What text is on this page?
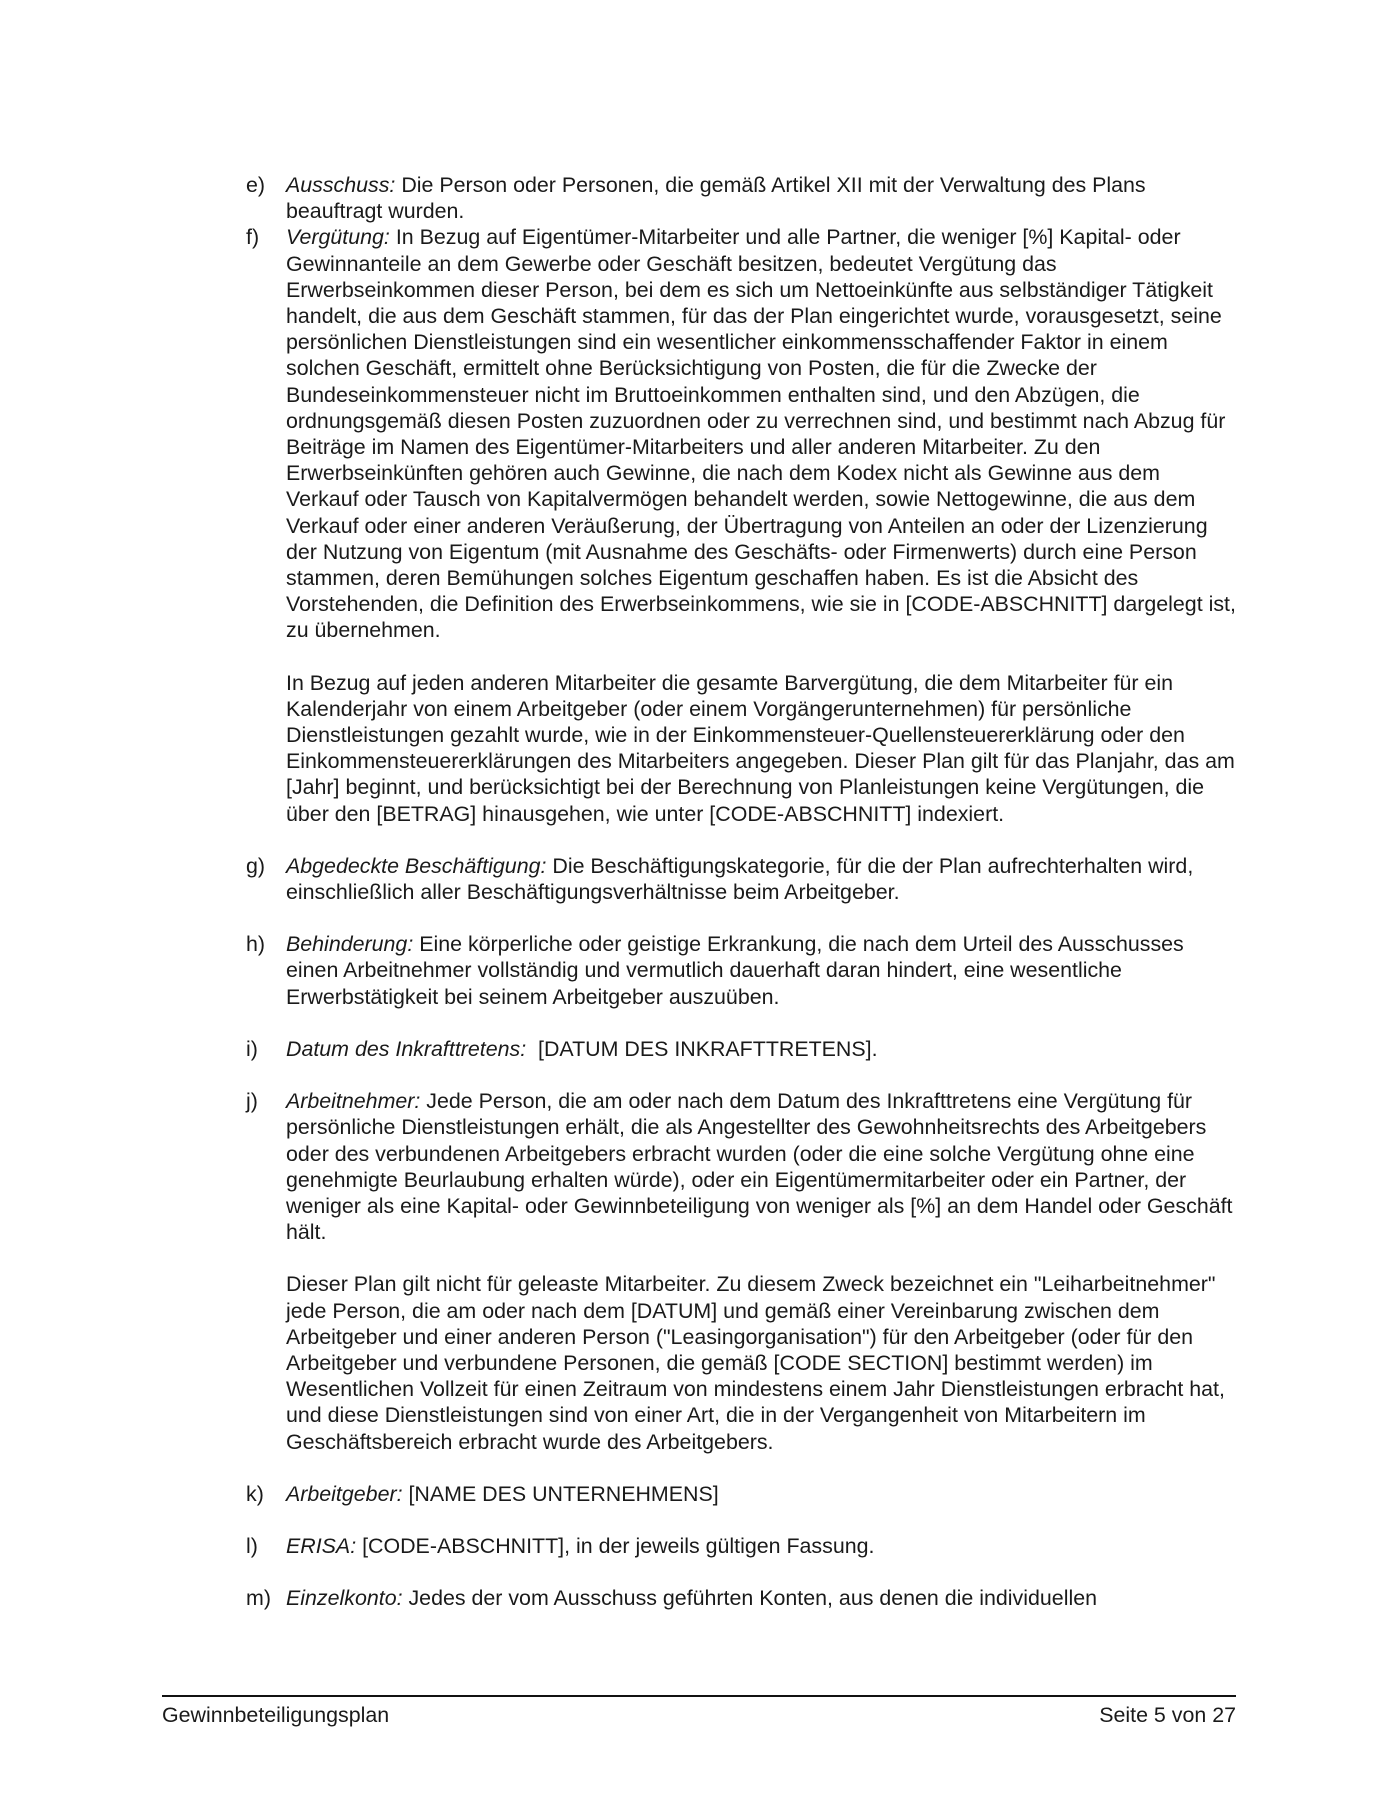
e) Ausschuss: Die Person oder Personen, die gemäß Artikel XII mit der Verwaltung des Plans beauftragt wurden.
f) Vergütung: In Bezug auf Eigentümer-Mitarbeiter und alle Partner, die weniger [%] Kapital- oder Gewinnanteile an dem Gewerbe oder Geschäft besitzen, bedeutet Vergütung das Erwerbseinkommen dieser Person, bei dem es sich um Nettoeinkünfte aus selbständiger Tätigkeit handelt, die aus dem Geschäft stammen, für das der Plan eingerichtet wurde, vorausgesetzt, seine persönlichen Dienstleistungen sind ein wesentlicher einkommensschaffender Faktor in einem solchen Geschäft, ermittelt ohne Berücksichtigung von Posten, die für die Zwecke der Bundeseinkommensteuer nicht im Bruttoeinkommen enthalten sind, und den Abzügen, die ordnungsgemäß diesen Posten zuzuordnen oder zu verrechnen sind, und bestimmt nach Abzug für Beiträge im Namen des Eigentümer-Mitarbeiters und aller anderen Mitarbeiter. Zu den Erwerbseinkünften gehören auch Gewinne, die nach dem Kodex nicht als Gewinne aus dem Verkauf oder Tausch von Kapitalvermögen behandelt werden, sowie Nettogewinne, die aus dem Verkauf oder einer anderen Veräußerung, der Übertragung von Anteilen an oder der Lizenzierung der Nutzung von Eigentum (mit Ausnahme des Geschäfts- oder Firmenwerts) durch eine Person stammen, deren Bemühungen solches Eigentum geschaffen haben. Es ist die Absicht des Vorstehenden, die Definition des Erwerbseinkommens, wie sie in [CODE-ABSCHNITT] dargelegt ist, zu übernehmen.

In Bezug auf jeden anderen Mitarbeiter die gesamte Barvergütung, die dem Mitarbeiter für ein Kalenderjahr von einem Arbeitgeber (oder einem Vorgängerunternehmen) für persönliche Dienstleistungen gezahlt wurde, wie in der Einkommensteuer-Quellensteuererklärung oder den Einkommensteuererklärungen des Mitarbeiters angegeben. Dieser Plan gilt für das Planjahr, das am [Jahr] beginnt, und berücksichtigt bei der Berechnung von Planleistungen keine Vergütungen, die über den [BETRAG] hinausgehen, wie unter [CODE-ABSCHNITT] indexiert.

g) Abgedeckte Beschäftigung: Die Beschäftigungskategorie, für die der Plan aufrechterhalten wird, einschließlich aller Beschäftigungsverhältnisse beim Arbeitgeber.
h) Behinderung: Eine körperliche oder geistige Erkrankung, die nach dem Urteil des Ausschusses einen Arbeitnehmer vollständig und vermutlich dauerhaft daran hindert, eine wesentliche Erwerbstätigkeit bei seinem Arbeitgeber auszuüben.
i) Datum des Inkrafttretens:  [DATUM DES INKRAFTTRETENS].
j) Arbeitnehmer: Jede Person, die am oder nach dem Datum des Inkrafttretens eine Vergütung für persönliche Dienstleistungen erhält, die als Angestellter des Gewohnheitsrechts des Arbeitgebers oder des verbundenen Arbeitgebers erbracht wurden (oder die eine solche Vergütung ohne eine genehmigte Beurlaubung erhalten würde), oder ein Eigentümermitarbeiter oder ein Partner, der weniger als eine Kapital- oder Gewinnbeteiligung von weniger als [%] an dem Handel oder Geschäft hält.

Dieser Plan gilt nicht für geleaste Mitarbeiter. Zu diesem Zweck bezeichnet ein "Leiharbeitnehmer" jede Person, die am oder nach dem [DATUM] und gemäß einer Vereinbarung zwischen dem Arbeitgeber und einer anderen Person ("Leasingorganisation") für den Arbeitgeber (oder für den Arbeitgeber und verbundene Personen, die gemäß [CODE SECTION] bestimmt werden) im Wesentlichen Vollzeit für einen Zeitraum von mindestens einem Jahr Dienstleistungen erbracht hat, und diese Dienstleistungen sind von einer Art, die in der Vergangenheit von Mitarbeitern im Geschäftsbereich erbracht wurde des Arbeitgebers.

k) Arbeitgeber: [NAME DES UNTERNEHMENS]
l) ERISA: [CODE-ABSCHNITT], in der jeweils gültigen Fassung.
m) Einzelkonto: Jedes der vom Ausschuss geführten Konten, aus denen die individuellen
Gewinnbeteiligungsplan	Seite 5 von 27
